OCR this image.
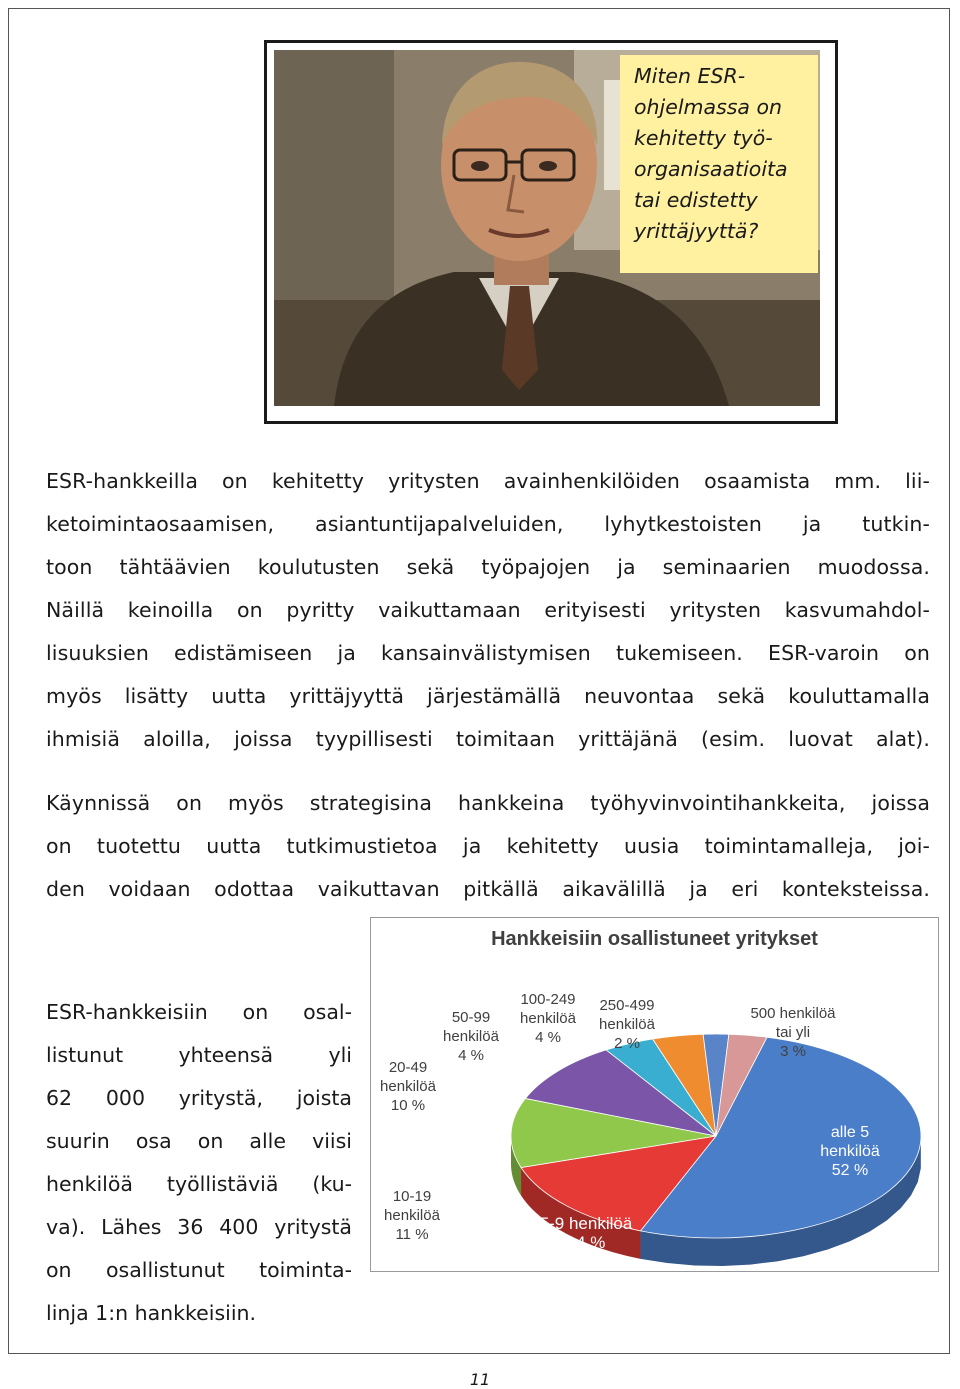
Miten ESR-
ohjelmassa on
kehitetty työ-
organisaatioita
tai edistetty
yrittäjyyttä?
ESR-hankkeilla on kehitetty yritysten avainhenkilöiden osaamista mm. lii-
ketoimintaosaamisen, asiantuntijapalveluiden, lyhytkestoisten ja tutkin-
toon tähtäävien koulutusten sekä työpajojen ja seminaarien muodossa.
Näillä keinoilla on pyritty vaikuttamaan erityisesti yritysten kasvumahdol-
lisuuksien edistämiseen ja kansainvälistymisen tukemiseen. ESR-varoin on
myös lisätty uutta yrittäjyyttä järjestämällä neuvontaa sekä kouluttamalla
ihmisiä aloilla, joissa tyypillisesti toimitaan yrittäjänä (esim. luovat alat).
Käynnissä on myös strategisina hankkeina työhyvinvointihankkeita, joissa
on tuotettu uutta tutkimustietoa ja kehitetty uusia toimintamalleja, joi-
den voidaan odottaa vaikuttavan pitkällä aikavälillä ja eri konteksteissa.
ESR-hankkeisiin on osal-
listunut yhteensä yli
62 000 yritystä, joista
suurin osa on alle viisi
henkilöä työllistäviä (ku-
va). Lähes 36 400 yritystä
on osallistunut toiminta-
linja 1:n hankkeisiin.
Hankkeisiin osallistuneet yritykset
alle 5
henkilöä
52 %
5-9 henkilöä
14 %
10-19
henkilöä
11 %
20-49
henkilöä
10 %
50-99
henkilöä
4 %
100-249
henkilöä
4 %
250-499
henkilöä
2 %
500 henkilöä
tai yli
3 %
11
